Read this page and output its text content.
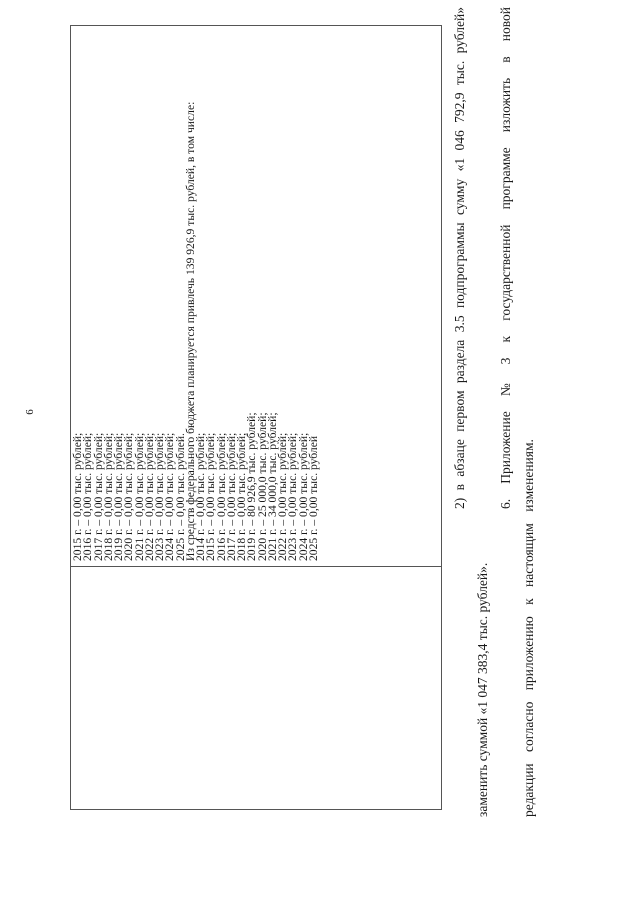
6
2015 г. – 0,00 тыс. рублей;
2016 г. – 0,00 тыс. рублей;
2017 г. – 0,00 тыс. рублей;
2018 г. – 0,00 тыс. рублей;
2019 г. – 0,00 тыс. рублей;
2020 г. – 0,00 тыс. рублей;
2021 г. – 0,00 тыс. рублей;
2022 г. – 0,00 тыс. рублей;
2023 г. – 0,00 тыс. рублей;
2024 г. – 0,00 тыс. рублей;
2025 г. – 0,00 тыс. рублей.
Из средств федерального бюджета планируется привлечь 139 926,9 тыс. рублей, в том числе:
2014 г. – 0,00 тыс. рублей;
2015 г. – 0,00 тыс. рублей;
2016 г. – 0,00 тыс. рублей;
2017 г. – 0,00 тыс. рублей;
2018 г. – 0,00 тыс. рублей;
2019 г. – 80 926,9 тыс. рублей;
2020 г. – 25 000,0 тыс. рублей;
2021 г. – 34 000,0 тыс. рублей;
2022 г. – 0,00 тыс. рублей;
2023 г. – 0,00 тыс. рублей;
2024 г. – 0,00 тыс. рублей;
2025 г. – 0,00 тыс. рублей	2) в абзаце первом раздела 3.5 подпрограммы сумму «1 046 792,9 тыс. рублей» заменить суммой «1 047 383,4 тыс. рублей».

6. Приложение № 3 к государственной программе изложить в новой редакции согласно приложению к настоящим изменениям.
